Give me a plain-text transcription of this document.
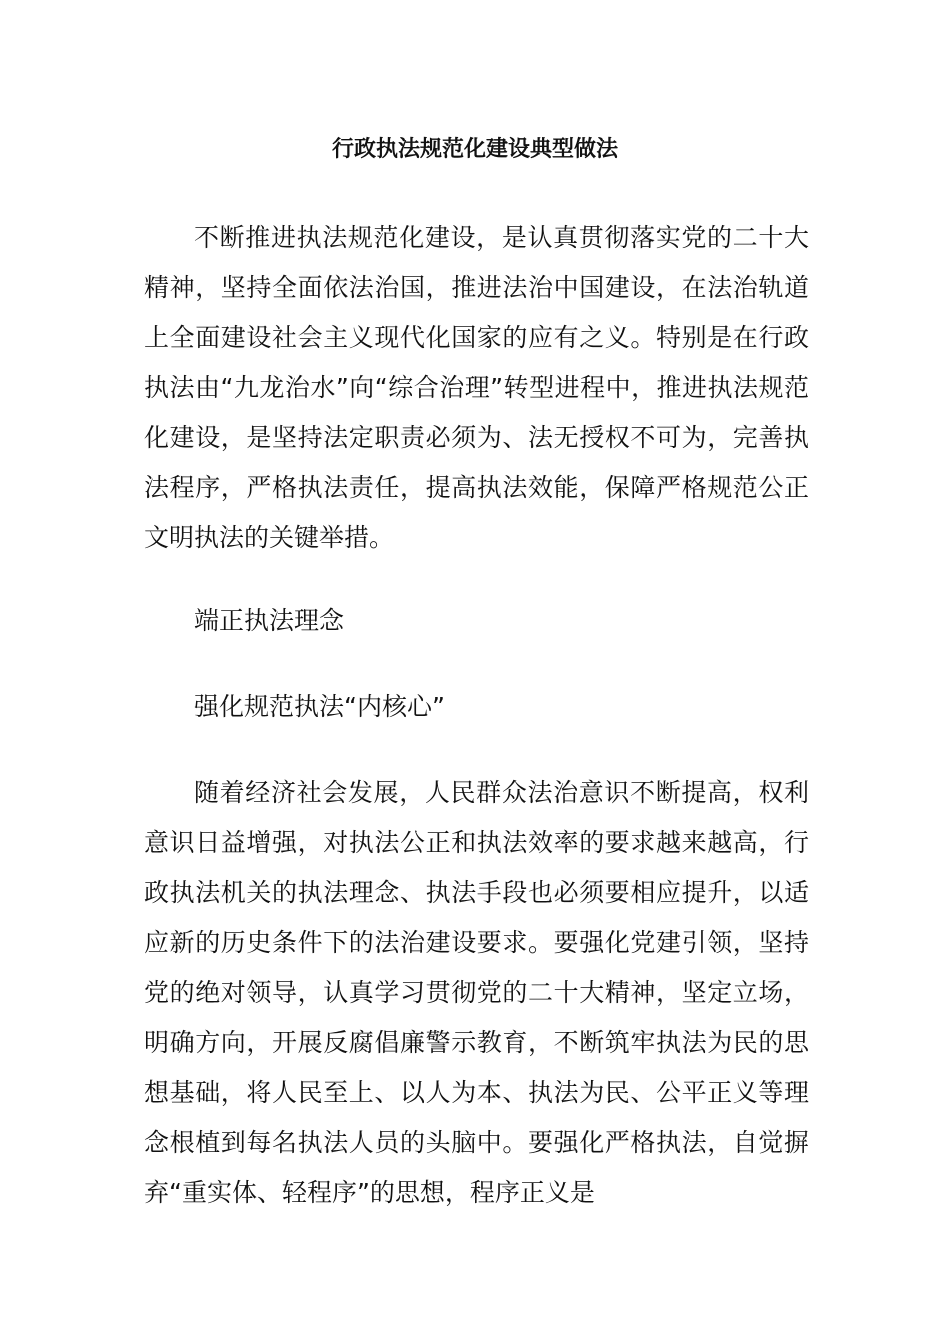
行政执法规范化建设典型做法

不断推进执法规范化建设，是认真贯彻落实党的二十大精神，坚持全面依法治国，推进法治中国建设，在法治轨道上全面建设社会主义现代化国家的应有之义。特别是在行政执法由“九龙治水”向“综合治理”转型进程中，推进执法规范化建设，是坚持法定职责必须为、法无授权不可为，完善执法程序，严格执法责任，提高执法效能，保障严格规范公正文明执法的关键举措。

端正执法理念

强化规范执法“内核心”

随着经济社会发展，人民群众法治意识不断提高，权利意识日益增强，对执法公正和执法效率的要求越来越高，行政执法机关的执法理念、执法手段也必须要相应提升，以适应新的历史条件下的法治建设要求。要强化党建引领，坚持党的绝对领导，认真学习贯彻党的二十大精神，坚定立场，明确方向，开展反腐倡廉警示教育，不断筑牢执法为民的思想基础，将人民至上、以人为本、执法为民、公平正义等理念根植到每名执法人员的头脑中。要强化严格执法，自觉摒弃“重实体、轻程序”的思想，程序正义是
